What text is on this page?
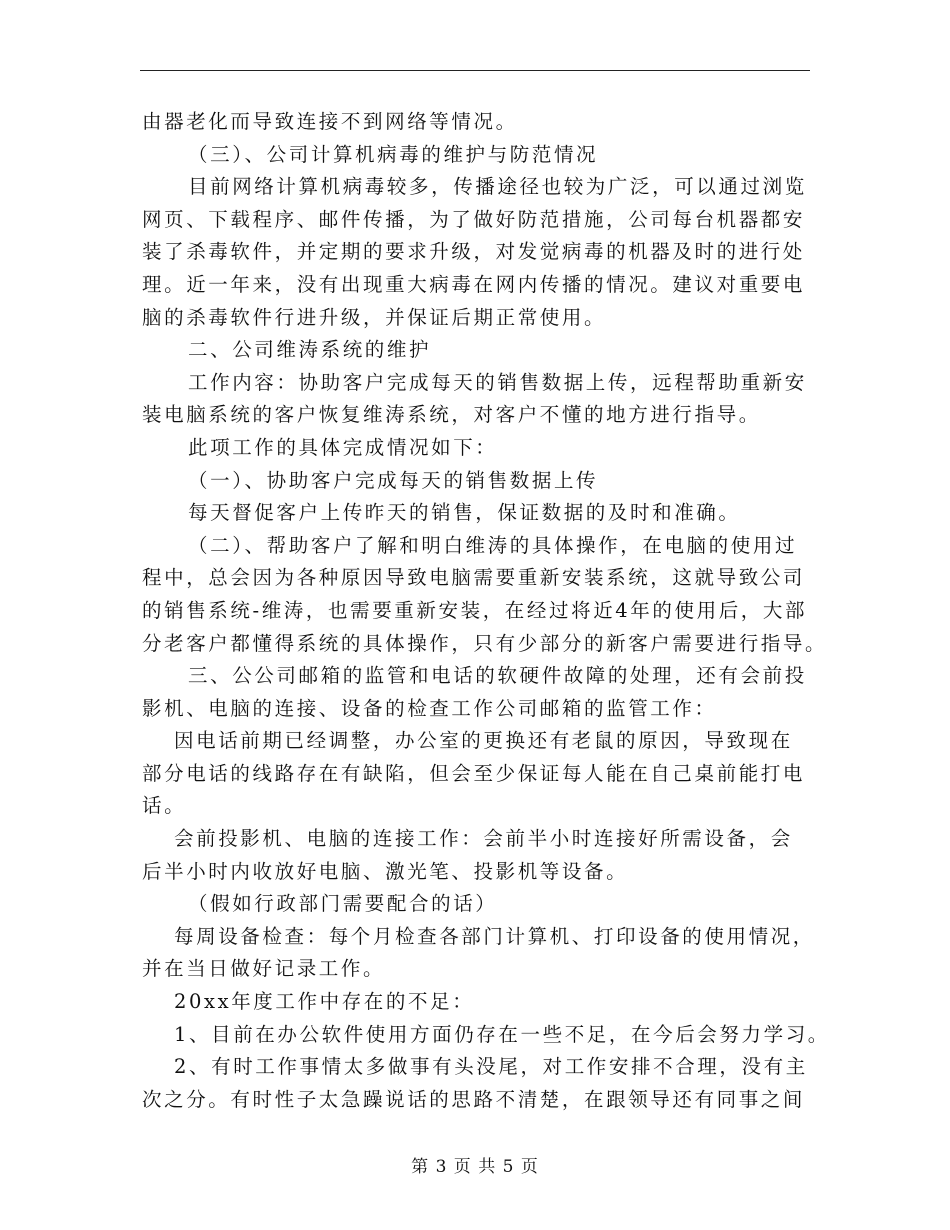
由器老化而导致连接不到网络等情况。
（三）、公司计算机病毒的维护与防范情况
目前网络计算机病毒较多，传播途径也较为广泛，可以通过浏览
网页、下载程序、邮件传播，为了做好防范措施，公司每台机器都安
装了杀毒软件，并定期的要求升级，对发觉病毒的机器及时的进行处
理。近一年来，没有出现重大病毒在网内传播的情况。建议对重要电
脑的杀毒软件行进升级，并保证后期正常使用。
二、公司维涛系统的维护
工作内容：协助客户完成每天的销售数据上传，远程帮助重新安
装电脑系统的客户恢复维涛系统，对客户不懂的地方进行指导。
此项工作的具体完成情况如下：
（一）、协助客户完成每天的销售数据上传
每天督促客户上传昨天的销售，保证数据的及时和准确。
（二）、帮助客户了解和明白维涛的具体操作，在电脑的使用过
程中，总会因为各种原因导致电脑需要重新安装系统，这就导致公司
的销售系统-维涛，也需要重新安装，在经过将近4年的使用后，大部
分老客户都懂得系统的具体操作，只有少部分的新客户需要进行指导。
三、公公司邮箱的监管和电话的软硬件故障的处理，还有会前投
影机、电脑的连接、设备的检查工作公司邮箱的监管工作：
因电话前期已经调整，办公室的更换还有老鼠的原因，导致现在
部分电话的线路存在有缺陷，但会至少保证每人能在自己桌前能打电
话。
会前投影机、电脑的连接工作：会前半小时连接好所需设备，会
后半小时内收放好电脑、激光笔、投影机等设备。
（假如行政部门需要配合的话）
每周设备检查：每个月检查各部门计算机、打印设备的使用情况，
并在当日做好记录工作。
20xx年度工作中存在的不足：
1、目前在办公软件使用方面仍存在一些不足，在今后会努力学习。
2、有时工作事情太多做事有头没尾，对工作安排不合理，没有主
次之分。有时性子太急躁说话的思路不清楚，在跟领导还有同事之间
第 3 页 共 5 页
